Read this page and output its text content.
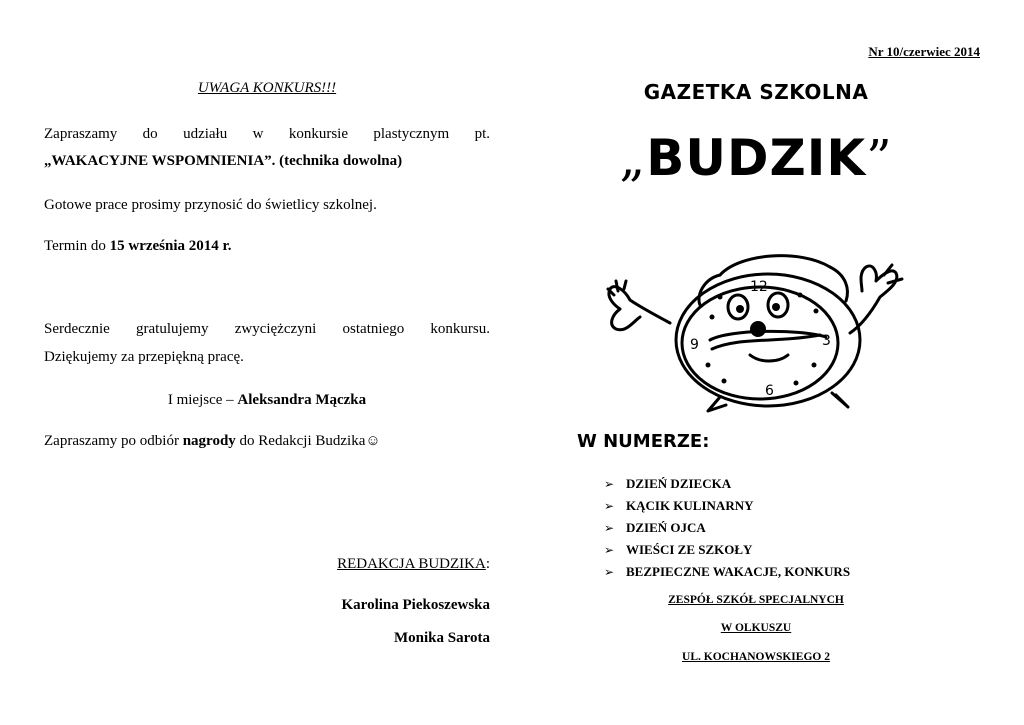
Nr 10/czerwiec 2014
UWAGA KONKURS!!!
Zapraszamy do udziału w konkursie plastycznym pt.
„WAKACYJNE WSPOMNIENIA”. (technika dowolna)
Gotowe prace prosimy przynosić do świetlicy szkolnej.
Termin do 15 września 2014 r.
Serdecznie gratulujemy zwyciężczyni ostatniego konkursu.
Dziękujemy za przepiękną pracę.
I miejsce – Aleksandra Mączka
Zapraszamy po odbiór nagrody do Redakcji Budzika☺
REDAKCJA BUDZIKA:
Karolina Piekoszewska
Monika Sarota
GAZETKA SZKOLNA
„BUDZIK”
12
3
6
9
W NUMERZE:
➢ DZIEŃ DZIECKA
➢ KĄCIK KULINARNY
➢ DZIEŃ OJCA
➢ WIEŚCI ZE SZKOŁY
➢ BEZPIECZNE WAKACJE, KONKURS
ZESPÓŁ SZKÓŁ SPECJALNYCH
W OLKUSZU
UL. KOCHANOWSKIEGO 2
